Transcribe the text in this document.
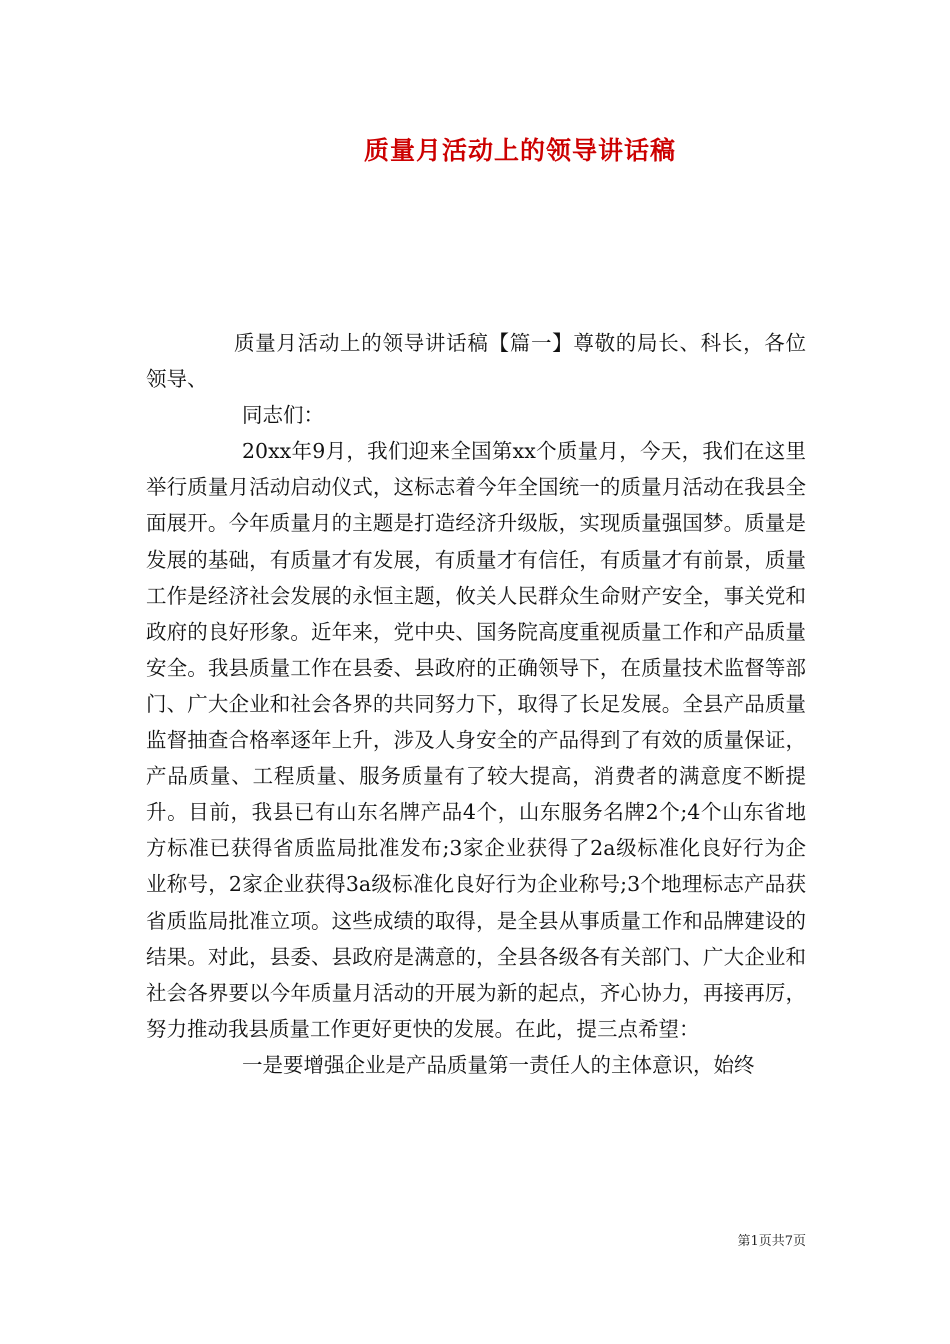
质量月活动上的领导讲话稿

质量月活动上的领导讲话稿【篇一】尊敬的局长、科长，各位领导、

同志们：

20xx年9月，我们迎来全国第xx个质量月，今天，我们在这里举行质量月活动启动仪式，这标志着今年全国统一的质量月活动在我县全面展开。今年质量月的主题是打造经济升级版，实现质量强国梦。质量是发展的基础，有质量才有发展，有质量才有信任，有质量才有前景，质量工作是经济社会发展的永恒主题，攸关人民群众生命财产安全，事关党和政府的良好形象。近年来，党中央、国务院高度重视质量工作和产品质量安全。我县质量工作在县委、县政府的正确领导下，在质量技术监督等部门、广大企业和社会各界的共同努力下，取得了长足发展。全县产品质量监督抽查合格率逐年上升，涉及人身安全的产品得到了有效的质量保证，产品质量、工程质量、服务质量有了较大提高，消费者的满意度不断提升。目前，我县已有山东名牌产品4个，山东服务名牌2个;4个山东省地方标准已获得省质监局批准发布;3家企业获得了2a级标准化良好行为企业称号，2家企业获得3a级标准化良好行为企业称号;3个地理标志产品获省质监局批准立项。这些成绩的取得，是全县从事质量工作和品牌建设的结果。对此，县委、县政府是满意的，全县各级各有关部门、广大企业和社会各界要以今年质量月活动的开展为新的起点，齐心协力，再接再厉，努力推动我县质量工作更好更快的发展。在此，提三点希望：

一是要增强企业是产品质量第一责任人的主体意识，始终

第1页共7页
